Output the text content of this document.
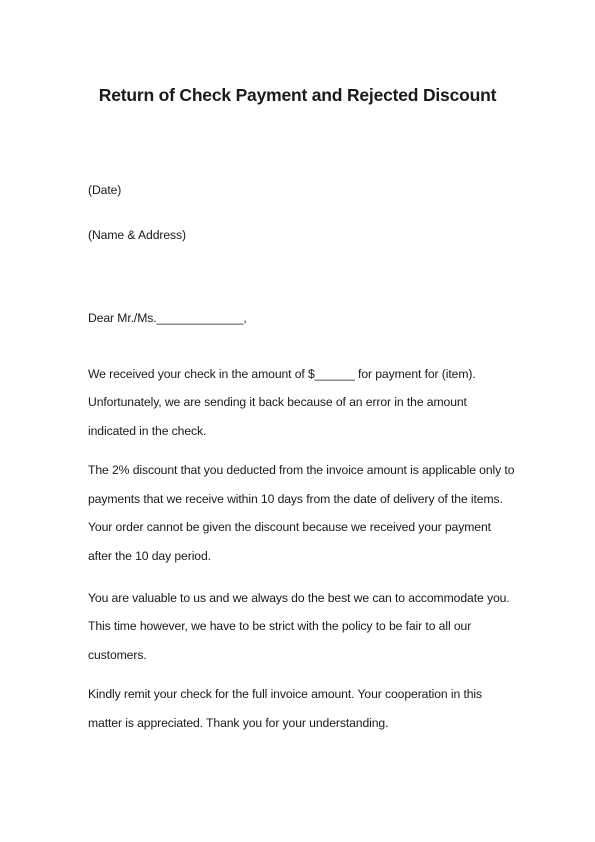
Return of Check Payment and Rejected Discount
(Date)
(Name & Address)
Dear Mr./Ms._____________,
We received your check in the amount of $______ for payment for (item).
Unfortunately, we are sending it back because of an error in the amount
indicated in the check.
The 2% discount that you deducted from the invoice amount is applicable only to
payments that we receive within 10 days from the date of delivery of the items.
Your order cannot be given the discount because we received your payment
after the 10 day period.
You are valuable to us and we always do the best we can to accommodate you.
This time however, we have to be strict with the policy to be fair to all our
customers.
Kindly remit your check for the full invoice amount. Your cooperation in this
matter is appreciated. Thank you for your understanding.
